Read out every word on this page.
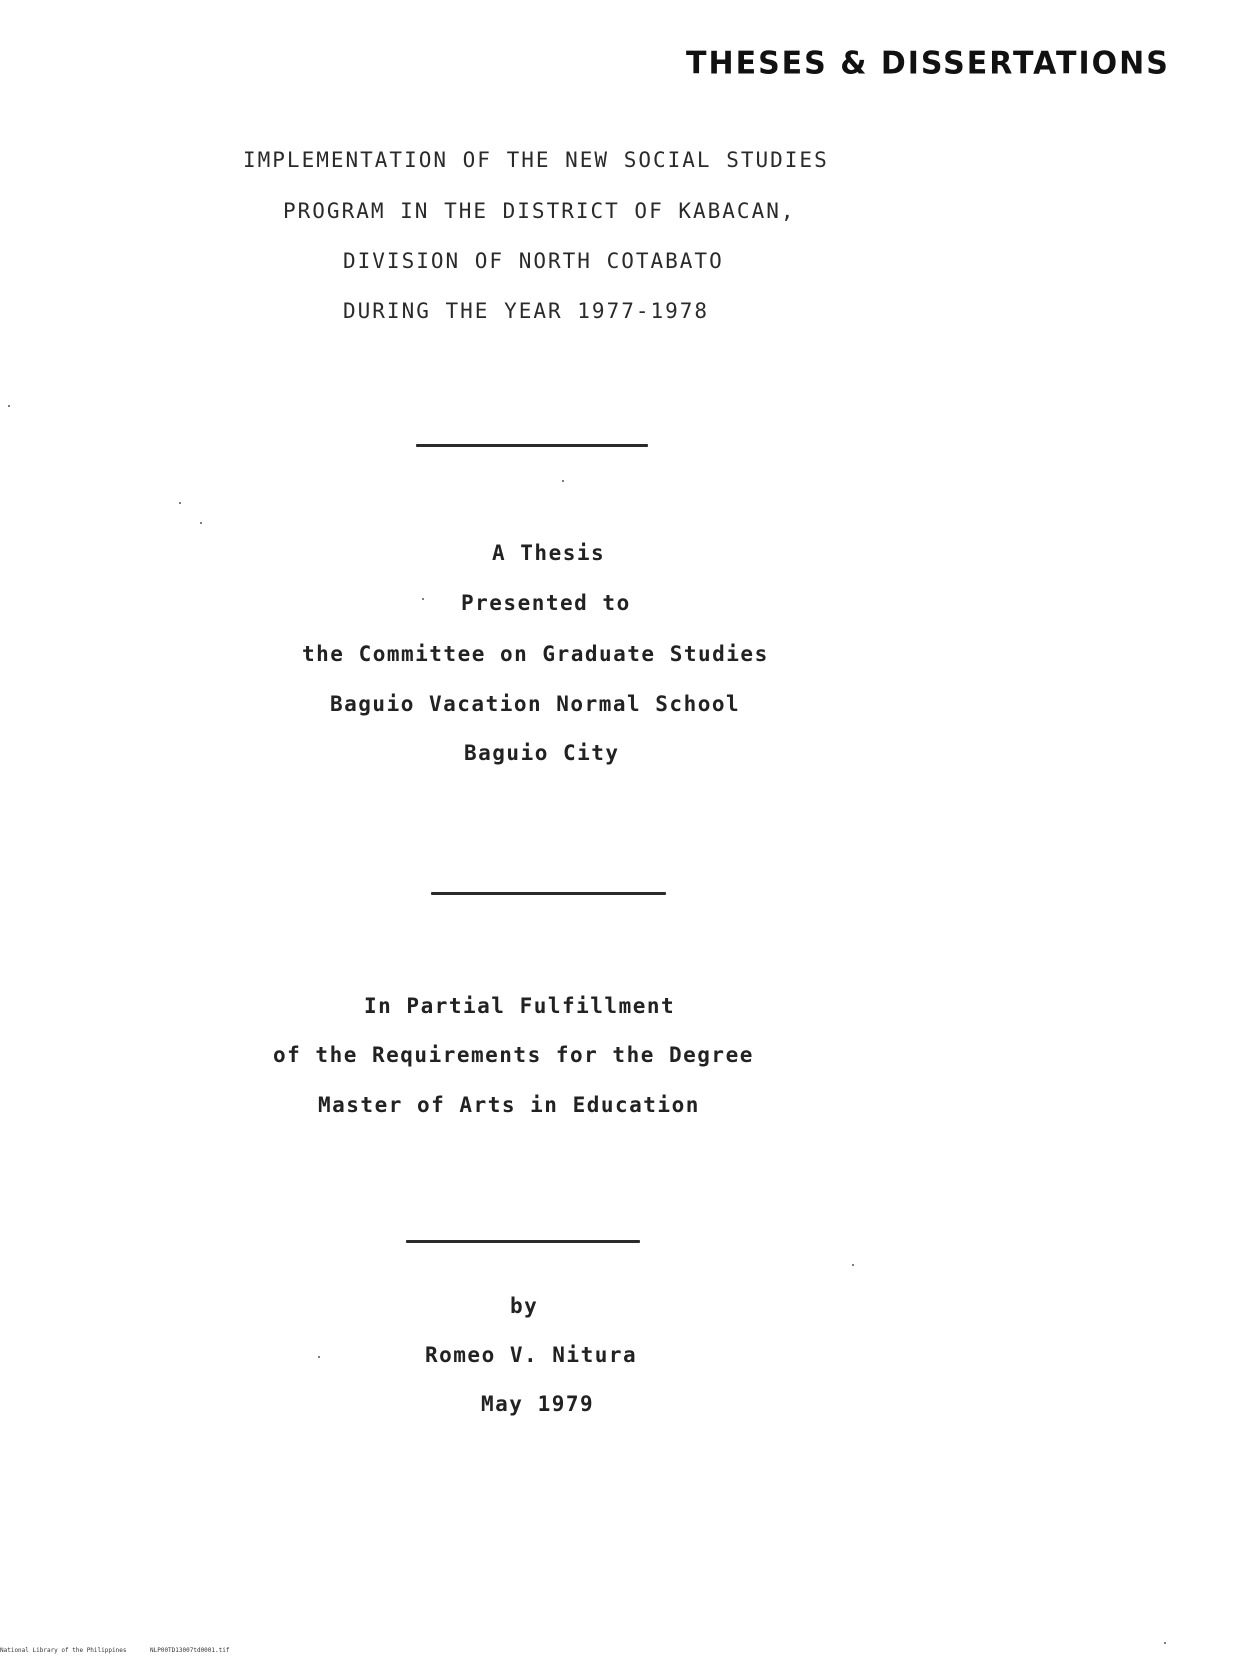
THESES & DISSERTATIONS
IMPLEMENTATION OF THE NEW SOCIAL STUDIES
PROGRAM IN THE DISTRICT OF KABACAN,
DIVISION OF NORTH COTABATO
DURING THE YEAR 1977-1978
A Thesis
Presented to
the Committee on Graduate Studies
Baguio Vacation Normal School
Baguio City
In Partial Fulfillment
of the Requirements for the Degree
Master of Arts in Education
by
Romeo V. Nitura
May 1979
National Library of the Philippines	NLP00TD13007td0001.tif
